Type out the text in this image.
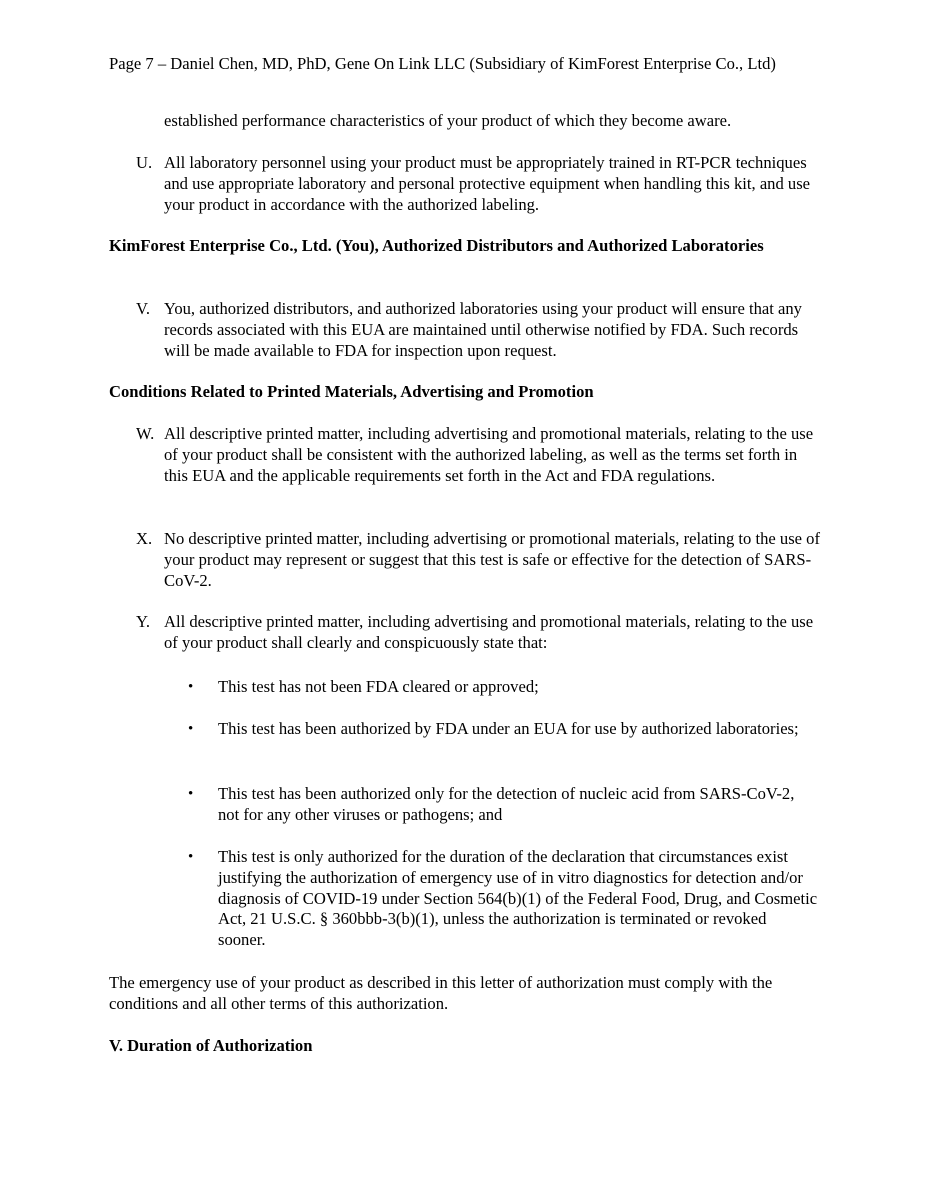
Page 7 – Daniel Chen, MD, PhD, Gene On Link LLC (Subsidiary of KimForest Enterprise Co., Ltd)
established performance characteristics of your product of which they become aware.
U. All laboratory personnel using your product must be appropriately trained in RT-PCR techniques and use appropriate laboratory and personal protective equipment when handling this kit, and use your product in accordance with the authorized labeling.
KimForest Enterprise Co., Ltd. (You), Authorized Distributors and Authorized Laboratories
V. You, authorized distributors, and authorized laboratories using your product will ensure that any records associated with this EUA are maintained until otherwise notified by FDA. Such records will be made available to FDA for inspection upon request.
Conditions Related to Printed Materials, Advertising and Promotion
W. All descriptive printed matter, including advertising and promotional materials, relating to the use of your product shall be consistent with the authorized labeling, as well as the terms set forth in this EUA and the applicable requirements set forth in the Act and FDA regulations.
X. No descriptive printed matter, including advertising or promotional materials, relating to the use of your product may represent or suggest that this test is safe or effective for the detection of SARS-CoV-2.
Y. All descriptive printed matter, including advertising and promotional materials, relating to the use of your product shall clearly and conspicuously state that:
• This test has not been FDA cleared or approved;
• This test has been authorized by FDA under an EUA for use by authorized laboratories;
• This test has been authorized only for the detection of nucleic acid from SARS-CoV-2, not for any other viruses or pathogens; and
• This test is only authorized for the duration of the declaration that circumstances exist justifying the authorization of emergency use of in vitro diagnostics for detection and/or diagnosis of COVID-19 under Section 564(b)(1) of the Federal Food, Drug, and Cosmetic Act, 21 U.S.C. § 360bbb-3(b)(1), unless the authorization is terminated or revoked sooner.
The emergency use of your product as described in this letter of authorization must comply with the conditions and all other terms of this authorization.
V. Duration of Authorization
